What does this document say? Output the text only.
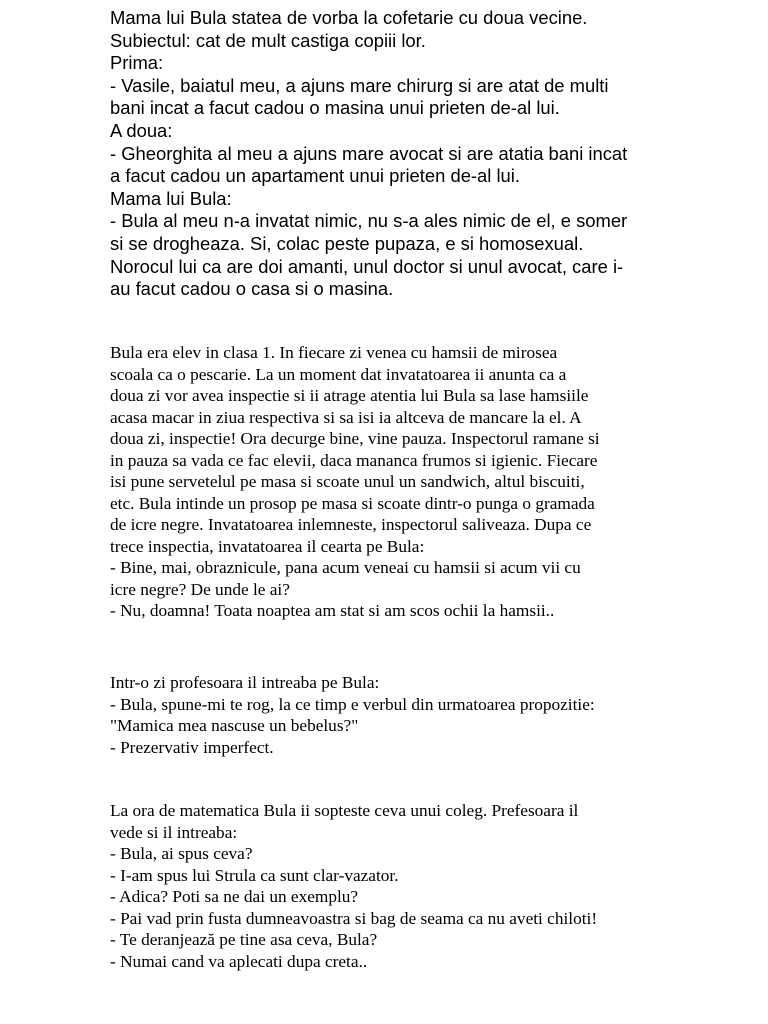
Mama lui Bula statea de vorba la cofetarie cu doua vecine.
Subiectul: cat de mult castiga copiii lor.
Prima:
- Vasile, baiatul meu, a ajuns mare chirurg si are atat de multi
bani incat a facut cadou o masina unui prieten de-al lui.
A doua:
- Gheorghita al meu a ajuns mare avocat si are atatia bani incat
a facut cadou un apartament unui prieten de-al lui.
Mama lui Bula:
- Bula al meu n-a invatat nimic, nu s-a ales nimic de el, e somer
si se drogheaza. Si, colac peste pupaza, e si homosexual.
Norocul lui ca are doi amanti, unul doctor si unul avocat, care i-
au facut cadou o casa si o masina.
Bula era elev in clasa 1. In fiecare zi venea cu hamsii de mirosea
scoala ca o pescarie. La un moment dat invatatoarea ii anunta ca a
doua zi vor avea inspectie si ii atrage atentia lui Bula sa lase hamsiile
acasa macar in ziua respectiva si sa isi ia altceva de mancare la el. A
doua zi, inspectie! Ora decurge bine, vine pauza. Inspectorul ramane si
in pauza sa vada ce fac elevii, daca mananca frumos si igienic. Fiecare
isi pune servetelul pe masa si scoate unul un sandwich, altul biscuiti,
etc. Bula intinde un prosop pe masa si scoate dintr-o punga o gramada
de icre negre. Invatatoarea inlemneste, inspectorul saliveaza. Dupa ce
trece inspectia, invatatoarea il cearta pe Bula:
- Bine, mai, obraznicule, pana acum veneai cu hamsii si acum vii cu
icre negre? De unde le ai?
- Nu, doamna! Toata noaptea am stat si am scos ochii la hamsii..
Intr-o zi profesoara il intreaba pe Bula:
- Bula, spune-mi te rog, la ce timp e verbul din urmatoarea propozitie:
"Mamica mea nascuse un bebelus?"
- Prezervativ imperfect.
La ora de matematica Bula ii sopteste ceva unui coleg. Prefesoara il
vede si il intreaba:
- Bula, ai spus ceva?
- I-am spus lui Strula ca sunt clar-vazator.
- Adica? Poti sa ne dai un exemplu?
- Pai vad prin fusta dumneavoastra si bag de seama ca nu aveti chiloti!
- Te deranjează pe tine asa ceva, Bula?
- Numai cand va aplecati dupa creta..
